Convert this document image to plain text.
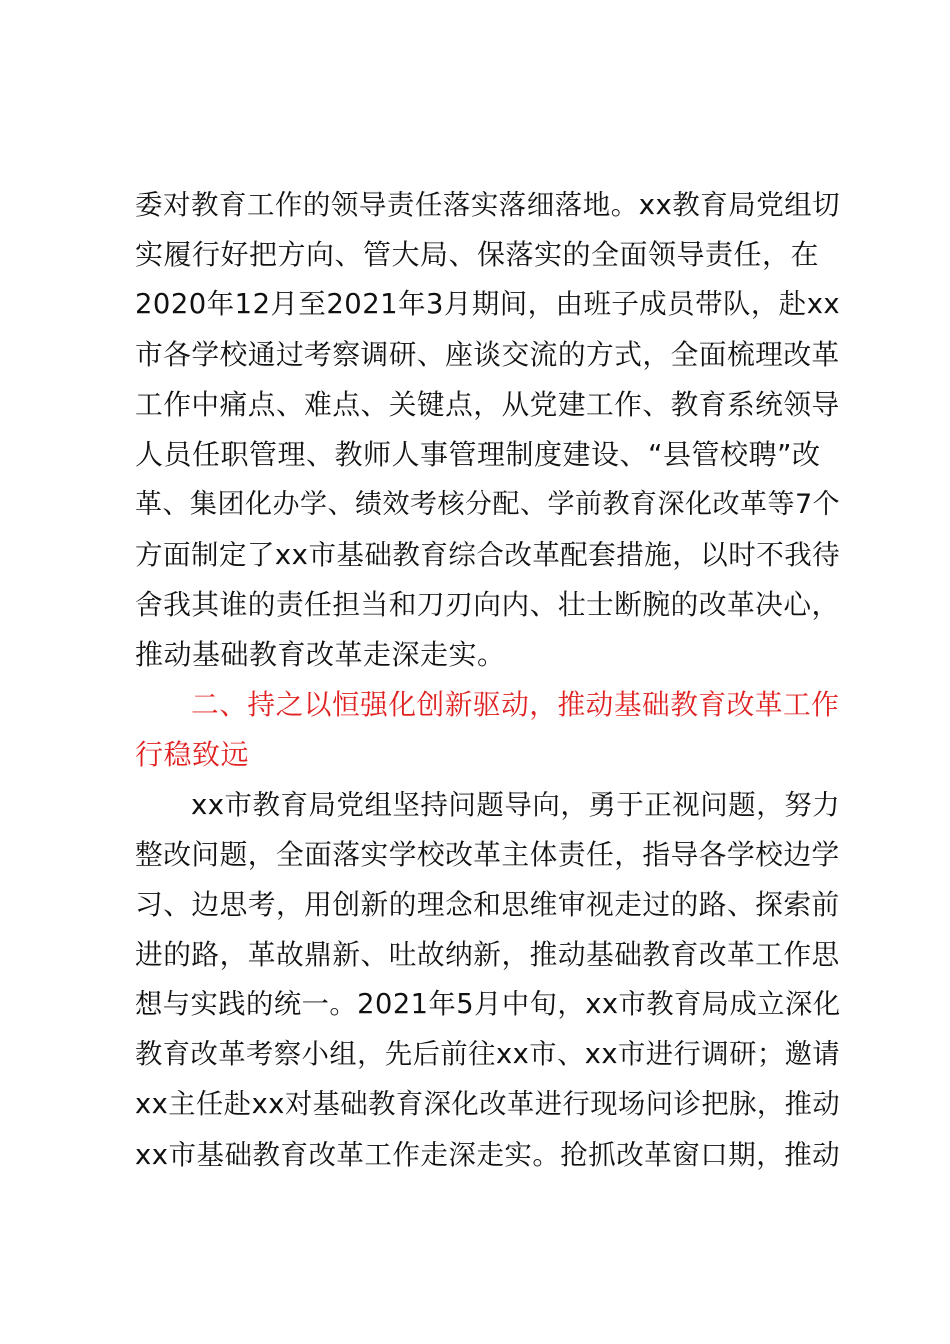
委对教育工作的领导责任落实落细落地。xx教育局党组切

实履行好把方向、管大局、保落实的全面领导责任，在

2020年12月至2021年3月期间，由班子成员带队，赴xx

市各学校通过考察调研、座谈交流的方式，全面梳理改革

工作中痛点、难点、关键点，从党建工作、教育系统领导

人员任职管理、教师人事管理制度建设、“县管校聘”改

革、集团化办学、绩效考核分配、学前教育深化改革等7个

方面制定了xx市基础教育综合改革配套措施，以时不我待

舍我其谁的责任担当和刀刃向内、壮士断腕的改革决心，

推动基础教育改革走深走实。

二、持之以恒强化创新驱动，推动基础教育改革工作

行稳致远

xx市教育局党组坚持问题导向，勇于正视问题，努力

整改问题，全面落实学校改革主体责任，指导各学校边学

习、边思考，用创新的理念和思维审视走过的路、探索前

进的路，革故鼎新、吐故纳新，推动基础教育改革工作思

想与实践的统一。2021年5月中旬，xx市教育局成立深化

教育改革考察小组，先后前往xx市、xx市进行调研；邀请

xx主任赴xx对基础教育深化改革进行现场问诊把脉，推动

xx市基础教育改革工作走深走实。抢抓改革窗口期，推动
